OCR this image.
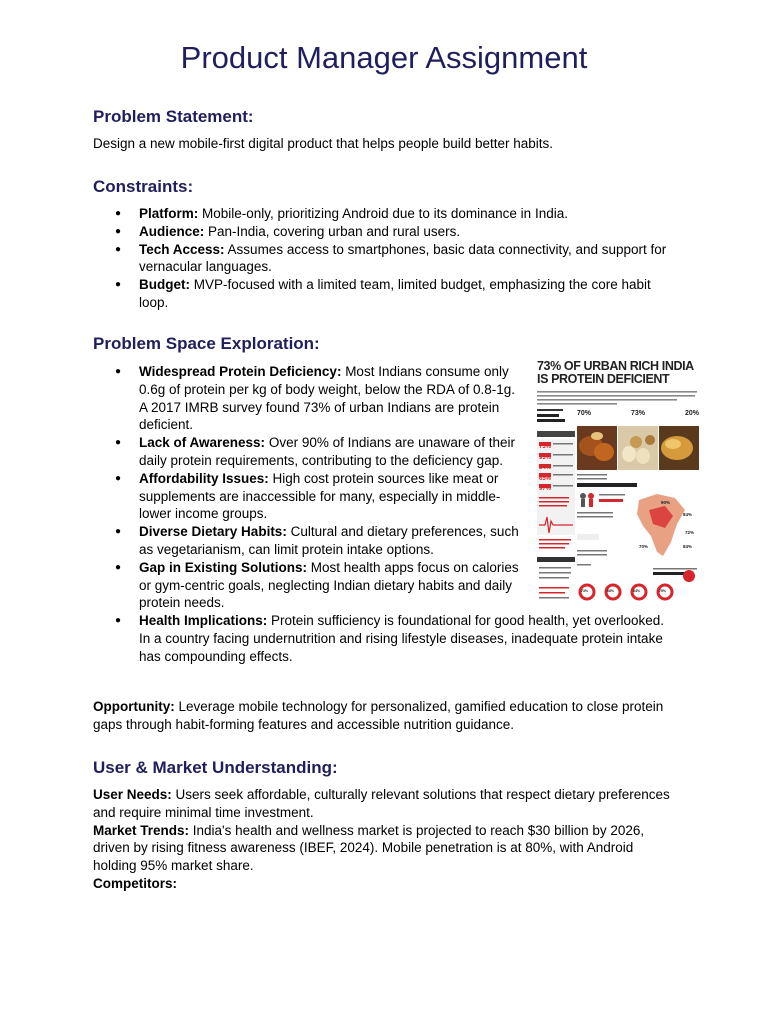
Product Manager Assignment
Problem Statement:

Design a new mobile-first digital product that helps people build better habits.

Constraints:
● Platform: Mobile-only, prioritizing Android due to its dominance in India.
● Audience: Pan-India, covering urban and rural users.
● Tech Access: Assumes access to smartphones, basic data connectivity, and support for vernacular languages.
● Budget: MVP-focused with a limited team, limited budget, emphasizing the core habit loop.
Problem Space Exploration:
● Widespread Protein Deficiency: Most Indians consume only 0.6g of protein per kg of body weight, below the RDA of 0.8-1g. A 2017 IMRB survey found 73% of urban Indians are protein deficient.
● Lack of Awareness: Over 90% of Indians are unaware of their daily protein requirements, contributing to the deficiency gap.
● Affordability Issues: High cost protein sources like meat or supplements are inaccessible for many, especially in middle-lower income groups.
● Diverse Dietary Habits: Cultural and dietary preferences, such as vegetarianism, can limit protein intake options.
● Gap in Existing Solutions: Most health apps focus on calories or gym-centric goals, neglecting Indian dietary habits and daily protein needs.
● Health Implications: Protein sufficiency is foundational for good health, yet overlooked. In a country facing undernutrition and rising lifestyle diseases, inadequate protein intake has compounding effects.

73% OF URBAN RICH INDIA IS PROTEIN DEFICIENT

73%
93%
84%
65%
97%
70%	73%	20%
90%
84%
72%
70%	84%
73%	68%	64%	75%

Opportunity: Leverage mobile technology for personalized, gamified education to close protein gaps through habit-forming features and accessible nutrition guidance.

User & Market Understanding:

User Needs: Users seek affordable, culturally relevant solutions that respect dietary preferences and require minimal time investment.
Market Trends: India's health and wellness market is projected to reach $30 billion by 2026, driven by rising fitness awareness (IBEF, 2024). Mobile penetration is at 80%, with Android holding 95% market share.
Competitors:
